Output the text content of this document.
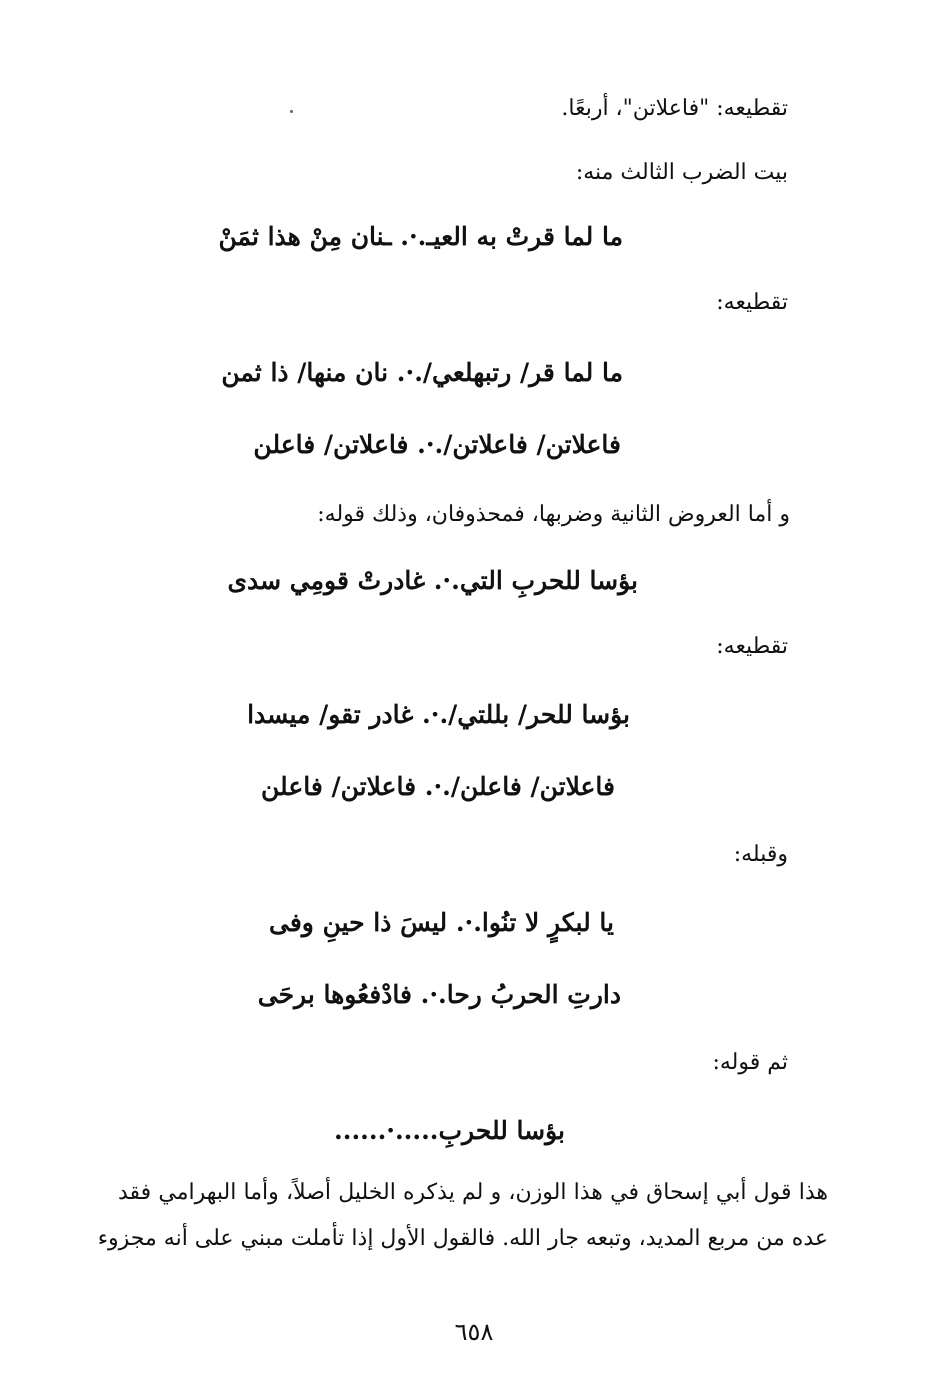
تقطيعه: "فاعلاتن"، أربعًا.
بيت الضرب الثالث منه:
ما لما قرتْ به العيـ.·. ـنان مِنْ هذا ثمَنْ
تقطيعه:
ما لما قر/ رتبهلعي/.·. نان منها/ ذا ثمن
فاعلاتن/ فاعلاتن/.·. فاعلاتن/ فاعلن
و أما العروض الثانية وضربها، فمحذوفان، وذلك قوله:
بؤسا للحربِ التي.·. غادرتْ قومِي سدى
تقطيعه:
بؤسا للحر/ بللتي/.·. غادر تقو/ ميسدا
فاعلاتن/ فاعلن/.·. فاعلاتن/ فاعلن
وقبله:
يا لبكرٍ لا تنُوا.·. ليسَ ذا حينِ وفى
دارتِ الحربُ رحا.·. فادْفعُوها برحَى
ثم قوله:
بؤسا للحربِ.....·......
هذا قول أبي إسحاق في هذا الوزن، و لم يذكره الخليل أصلاً، وأما البهرامي فقد
عده من مربع المديد، وتبعه جار الله. فالقول الأول إذا تأملت مبني على أنه مجزوء
٦٥٨
